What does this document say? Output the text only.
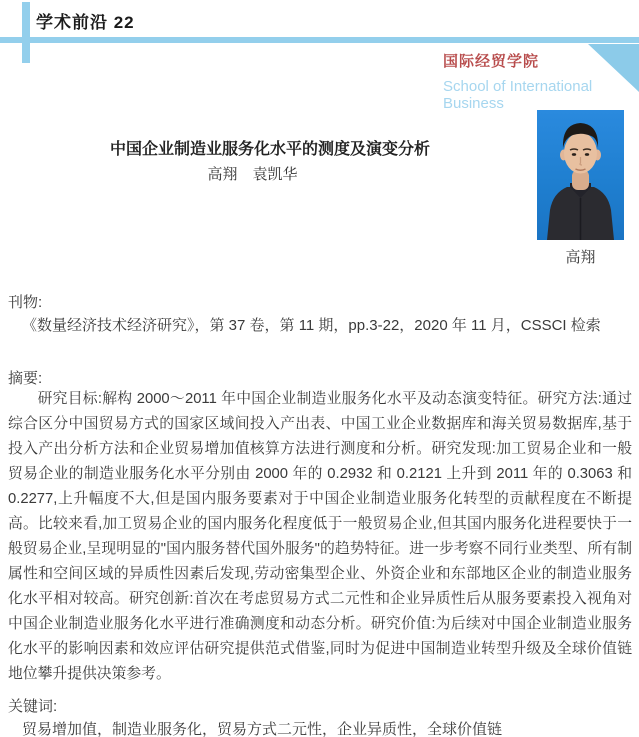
学术前沿 22
国际经贸学院
School of International Business
中国企业制造业服务化水平的测度及演变分析
高翔　袁凯华
高翔
刊物:
《数量经济技术经济研究》，第 37 卷，第 11 期，pp.3-22，2020 年 11 月，CSSCI 检索
摘要:
研究目标:解构 2000～2011 年中国企业制造业服务化水平及动态演变特征。研究方法:通过综合区分中国贸易方式的国家区域间投入产出表、中国工业企业数据库和海关贸易数据库,基于投入产出分析方法和企业贸易增加值核算方法进行测度和分析。研究发现:加工贸易企业和一般贸易企业的制造业服务化水平分别由 2000 年的 0.2932 和 0.2121 上升到 2011 年的 0.3063 和 0.2277,上升幅度不大,但是国内服务要素对于中国企业制造业服务化转型的贡献程度在不断提高。比较来看,加工贸易企业的国内服务化程度低于一般贸易企业,但其国内服务化进程要快于一般贸易企业,呈现明显的"国内服务替代国外服务"的趋势特征。进一步考察不同行业类型、所有制属性和空间区域的异质性因素后发现,劳动密集型企业、外资企业和东部地区企业的制造业服务化水平相对较高。研究创新:首次在考虑贸易方式二元性和企业异质性后从服务要素投入视角对中国企业制造业服务化水平进行准确测度和动态分析。研究价值:为后续对中国企业制造业服务化水平的影响因素和效应评估研究提供范式借鉴,同时为促进中国制造业转型升级及全球价值链地位攀升提供决策参考。
关键词:
贸易增加值，制造业服务化，贸易方式二元性，企业异质性，全球价值链
